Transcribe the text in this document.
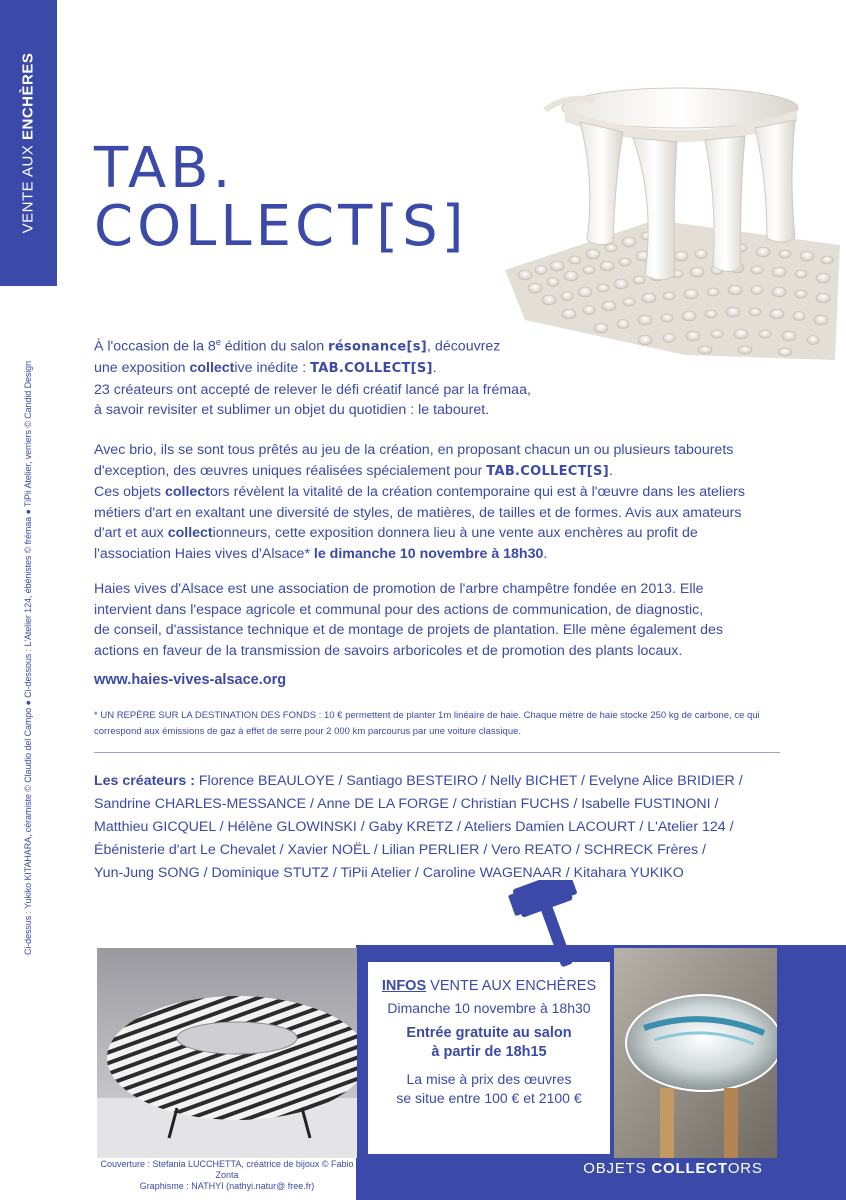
VENTE AUX ENCHÈRES
Ci-dessus : Yukiko KITAHARA, céramiste © Claudio del Campo ● Ci-dessous : L'Atelier 124, ébénistes © frémaa ● TiPii Atelier, verriers © Candid Design
TAB.
COLLECT[S]
À l'occasion de la 8e édition du salon résonance[s], découvrez
une exposition collective inédite : TAB.COLLECT[S].
23 créateurs ont accepté de relever le défi créatif lancé par la frémaa,
à savoir revisiter et sublimer un objet du quotidien : le tabouret.
Avec brio, ils se sont tous prêtés au jeu de la création, en proposant chacun un ou plusieurs tabourets
d'exception, des œuvres uniques réalisées spécialement pour TAB.COLLECT[S].
Ces objets collectors révèlent la vitalité de la création contemporaine qui est à l'œuvre dans les ateliers
métiers d'art en exaltant une diversité de styles, de matières, de tailles et de formes. Avis aux amateurs
d'art et aux collectionneurs, cette exposition donnera lieu à une vente aux enchères au profit de
l'association Haies vives d'Alsace* le dimanche 10 novembre à 18h30.
Haies vives d'Alsace est une association de promotion de l'arbre champêtre fondée en 2013. Elle
intervient dans l'espace agricole et communal pour des actions de communication, de diagnostic,
de conseil, d'assistance technique et de montage de projets de plantation. Elle mène également des
actions en faveur de la transmission de savoirs arboricoles et de promotion des plants locaux.
www.haies-vives-alsace.org
* UN REPÈRE SUR LA DESTINATION DES FONDS : 10 € permettent de planter 1m linéaire de haie. Chaque mètre de haie stocke 250 kg de carbone, ce qui
correspond aux émissions de gaz à effet de serre pour 2 000 km parcourus par une voiture classique.
Les créateurs : Florence BEAULOYE / Santiago BESTEIRO / Nelly BICHET / Evelyne Alice BRIDIER /
Sandrine CHARLES-MESSANCE / Anne DE LA FORGE / Christian FUCHS / Isabelle FUSTINONI /
Matthieu GICQUEL / Hélène GLOWINSKI / Gaby KRETZ / Ateliers Damien LACOURT / L'Atelier 124 /
Ébénisterie d'art Le Chevalet / Xavier NOËL / Lilian PERLIER / Vero REATO / SCHRECK Frères /
Yun-Jung SONG / Dominique STUTZ / TiPii Atelier / Caroline WAGENAAR / Kitahara YUKIKO
INFOS VENTE AUX ENCHÈRES
Dimanche 10 novembre à 18h30
Entrée gratuite au salon
à partir de 18h15
La mise à prix des œuvres
se situe entre 100 € et 2100 €
OBJETS COLLECTORS
Couverture : Stefania LUCCHETTA, créatrice de bijoux © Fabio Zonta
Graphisme : NATHYI (nathyi.natur@ free.fr)
